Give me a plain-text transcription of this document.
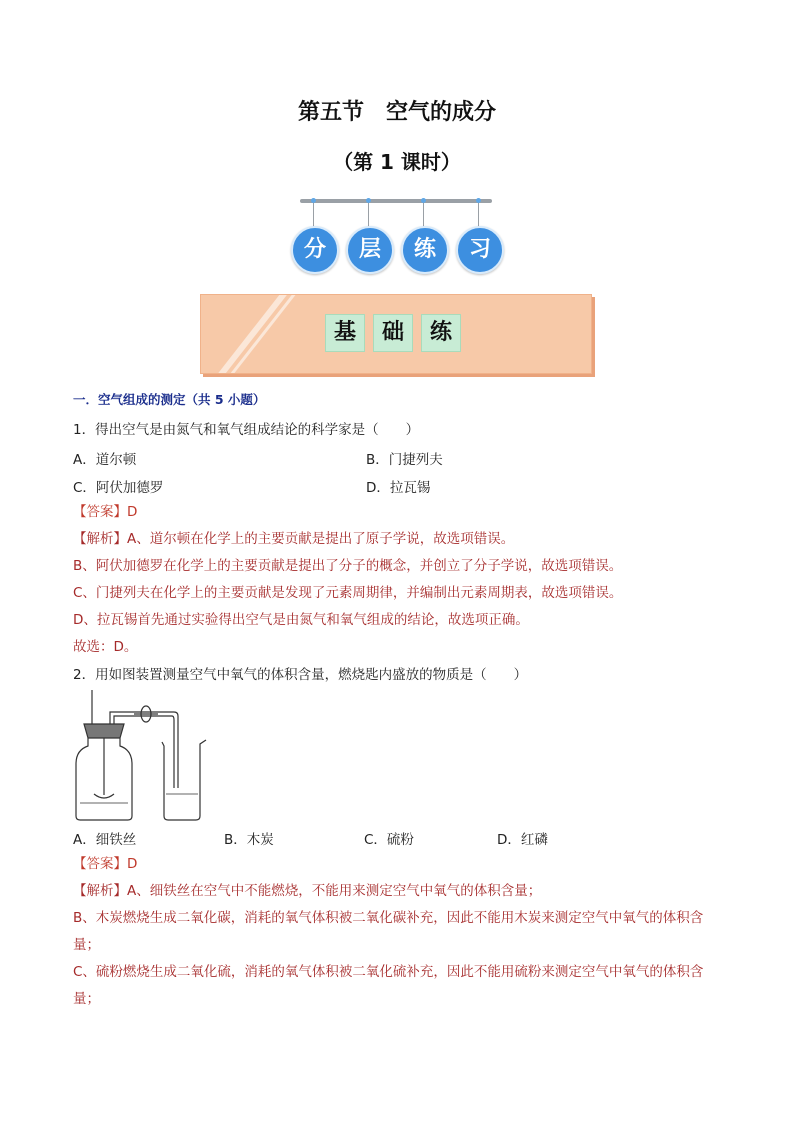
第五节　空气的成分
（第 1 课时）
分	层	练	习
基	础	练
一．空气组成的测定（共 5 小题）
1．得出空气是由氮气和氧气组成结论的科学家是（　　）
A．道尔顿	B．门捷列夫
C．阿伏加德罗	D．拉瓦锡
【答案】D
【解析】A、道尔顿在化学上的主要贡献是提出了原子学说，故选项错误。
B、阿伏加德罗在化学上的主要贡献是提出了分子的概念，并创立了分子学说，故选项错误。
C、门捷列夫在化学上的主要贡献是发现了元素周期律，并编制出元素周期表，故选项错误。
D、拉瓦锡首先通过实验得出空气是由氮气和氧气组成的结论，故选项正确。
故选：D。
2．用如图装置测量空气中氧气的体积含量，燃烧匙内盛放的物质是（　　）
A．细铁丝	B．木炭	C．硫粉	D．红磷
【答案】D
【解析】A、细铁丝在空气中不能燃烧，不能用来测定空气中氧气的体积含量；
B、木炭燃烧生成二氧化碳，消耗的氧气体积被二氧化碳补充，因此不能用木炭来测定空气中氧气的体积含
量；
C、硫粉燃烧生成二氧化硫，消耗的氧气体积被二氧化硫补充，因此不能用硫粉来测定空气中氧气的体积含
量；
